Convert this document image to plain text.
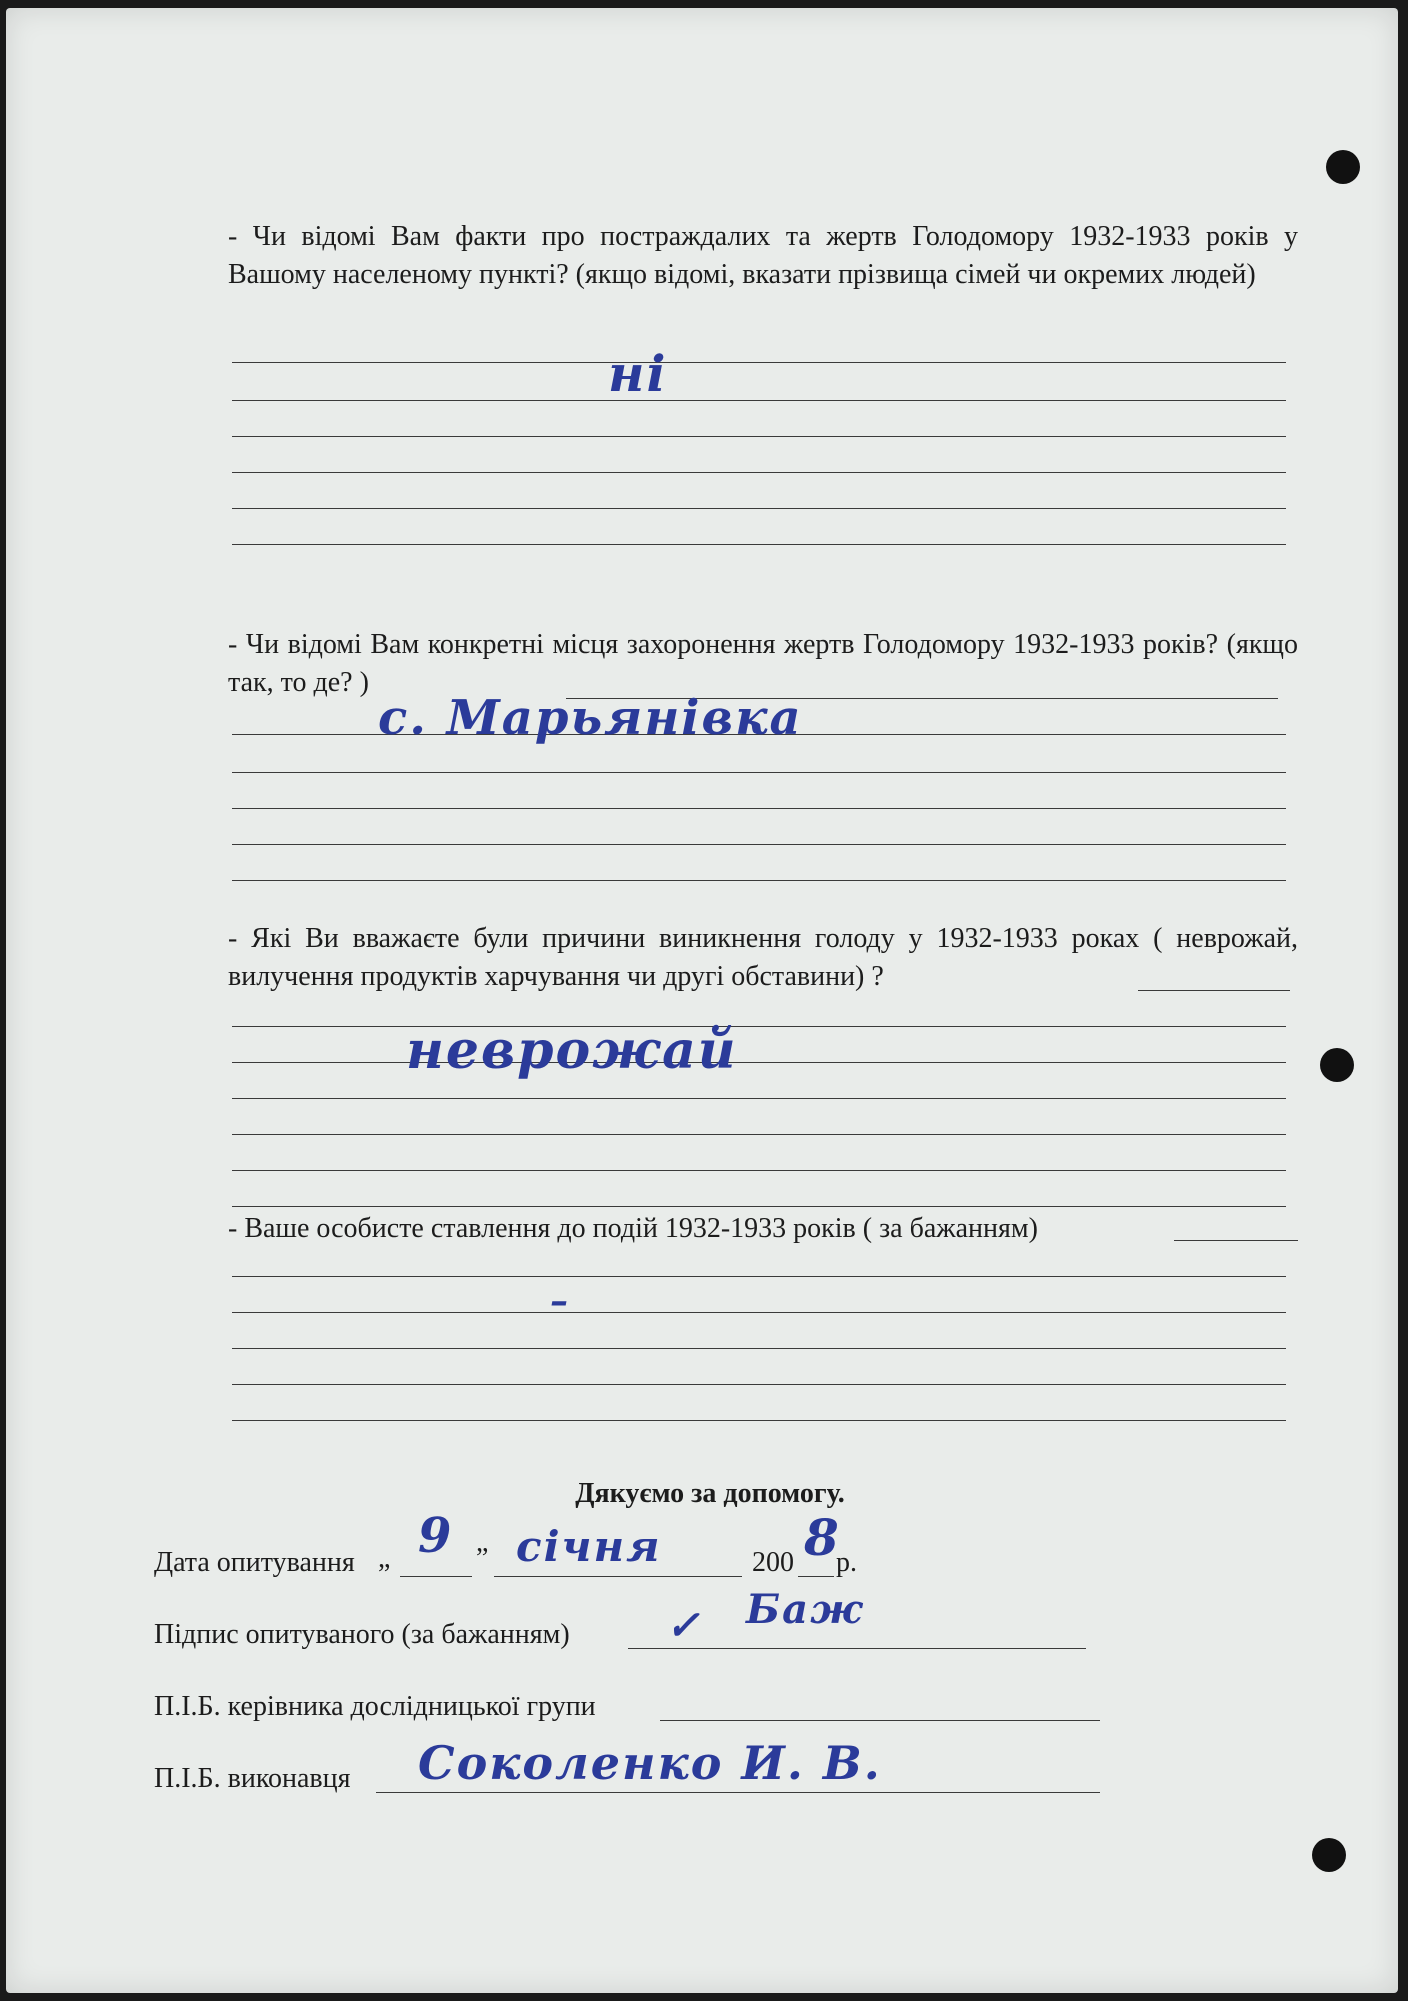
- Чи відомі Вам факти про постраждалих та жертв Голодомору 1932-1933 років у Вашому населеному пункті? (якщо відомі, вказати прізвища сімей чи окремих людей)
ні
- Чи відомі Вам конкретні місця захоронення жертв Голодомору 1932-1933 років? (якщо так, то де? )
с. Марьянівка
- Які Ви вважаєте були причини виникнення голоду у 1932-1933 роках ( неврожай, вилучення продуктів харчування чи другі обставини) ?
неврожай
- Ваше особисте ставлення до подій 1932-1933 років ( за бажанням)
–
Дякуємо за допомогу.
Дата опитування „	”	200 р.
9 січня	8
Підпис опитуваного (за бажанням) ✓ Баж
П.І.Б. керівника дослідницької групи
П.І.Б. виконавця Соколенко И. В.
